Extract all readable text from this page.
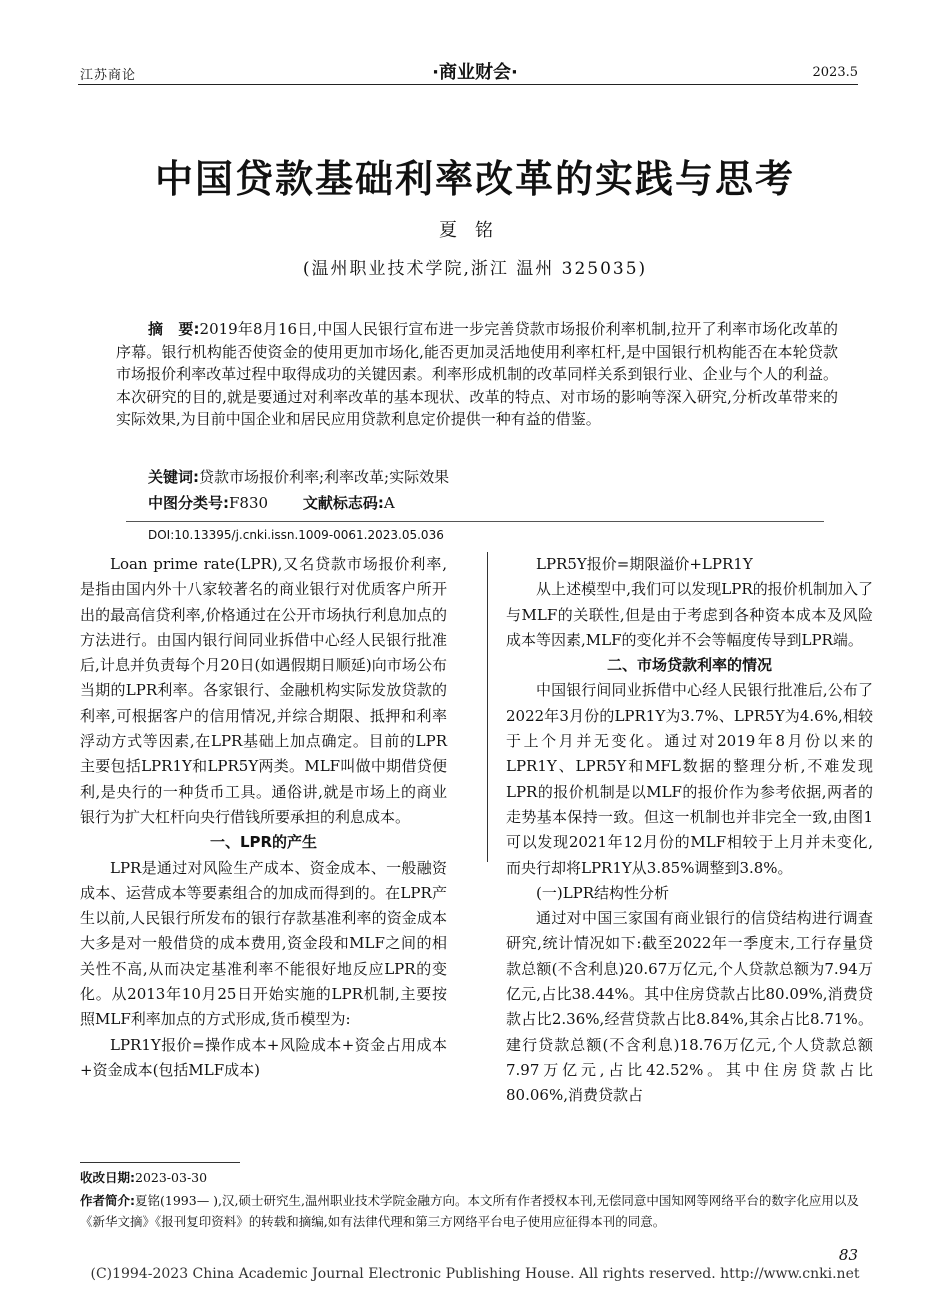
江苏商论	·商业财会·	2023.5
中国贷款基础利率改革的实践与思考
夏铭
(温州职业技术学院,浙江 温州 325035)
摘　要:2019年8月16日,中国人民银行宣布进一步完善贷款市场报价利率机制,拉开了利率市场化改革的序幕。银行机构能否使资金的使用更加市场化,能否更加灵活地使用利率杠杆,是中国银行机构能否在本轮贷款市场报价利率改革过程中取得成功的关键因素。利率形成机制的改革同样关系到银行业、企业与个人的利益。本次研究的目的,就是要通过对利率改革的基本现状、改革的特点、对市场的影响等深入研究,分析改革带来的实际效果,为目前中国企业和居民应用贷款利息定价提供一种有益的借鉴。
关键词:贷款市场报价利率;利率改革;实际效果
中图分类号:F830 文献标志码:A
DOI:10.13395/j.cnki.issn.1009-0061.2023.05.036

Loan prime rate(LPR),又名贷款市场报价利率,是指由国内外十八家较著名的商业银行对优质客户所开出的最高信贷利率,价格通过在公开市场执行利息加点的方法进行。由国内银行间同业拆借中心经人民银行批准后,计息并负责每个月20日(如遇假期日顺延)向市场公布当期的LPR利率。各家银行、金融机构实际发放贷款的利率,可根据客户的信用情况,并综合期限、抵押和利率浮动方式等因素,在LPR基础上加点确定。目前的LPR主要包括LPR1Y和LPR5Y两类。MLF叫做中期借贷便利,是央行的一种货币工具。通俗讲,就是市场上的商业银行为扩大杠杆向央行借钱所要承担的利息成本。

一、LPR的产生

LPR是通过对风险生产成本、资金成本、一般融资成本、运营成本等要素组合的加成而得到的。在LPR产生以前,人民银行所发布的银行存款基准利率的资金成本大多是对一般借贷的成本费用,资金段和MLF之间的相关性不高,从而决定基准利率不能很好地反应LPR的变化。从2013年10月25日开始实施的LPR机制,主要按照MLF利率加点的方式形成,货币模型为:

LPR1Y报价=操作成本+风险成本+资金占用成本+资金成本(包括MLF成本)

LPR5Y报价=期限溢价+LPR1Y

从上述模型中,我们可以发现LPR的报价机制加入了与MLF的关联性,但是由于考虑到各种资本成本及风险成本等因素,MLF的变化并不会等幅度传导到LPR端。

二、市场贷款利率的情况

中国银行间同业拆借中心经人民银行批准后,公布了2022年3月份的LPR1Y为3.7%、LPR5Y为4.6%,相较于上个月并无变化。通过对2019年8月份以来的LPR1Y、LPR5Y和MFL数据的整理分析,不难发现LPR的报价机制是以MLF的报价作为参考依据,两者的走势基本保持一致。但这一机制也并非完全一致,由图1可以发现2021年12月份的MLF相较于上月并未变化,而央行却将LPR1Y从3.85%调整到3.8%。

(一)LPR结构性分析

通过对中国三家国有商业银行的信贷结构进行调查研究,统计情况如下:截至2022年一季度末,工行存量贷款总额(不含利息)20.67万亿元,个人贷款总额为7.94万亿元,占比38.44%。其中住房贷款占比80.09%,消费贷款占比2.36%,经营贷款占比8.84%,其余占比8.71%。建行贷款总额(不含利息)18.76万亿元,个人贷款总额7.97万亿元,占比42.52%。其中住房贷款占比80.06%,消费贷款占

收改日期:2023-03-30
作者简介:夏铭(1993— ),汉,硕士研究生,温州职业技术学院金融方向。本文所有作者授权本刊,无偿同意中国知网等网络平台的数字化应用以及《新华文摘》《报刊复印资料》的转载和摘编,如有法律代理和第三方网络平台电子使用应征得本刊的同意。
83
(C)1994-2023 China Academic Journal Electronic Publishing House. All rights reserved. http://www.cnki.net
